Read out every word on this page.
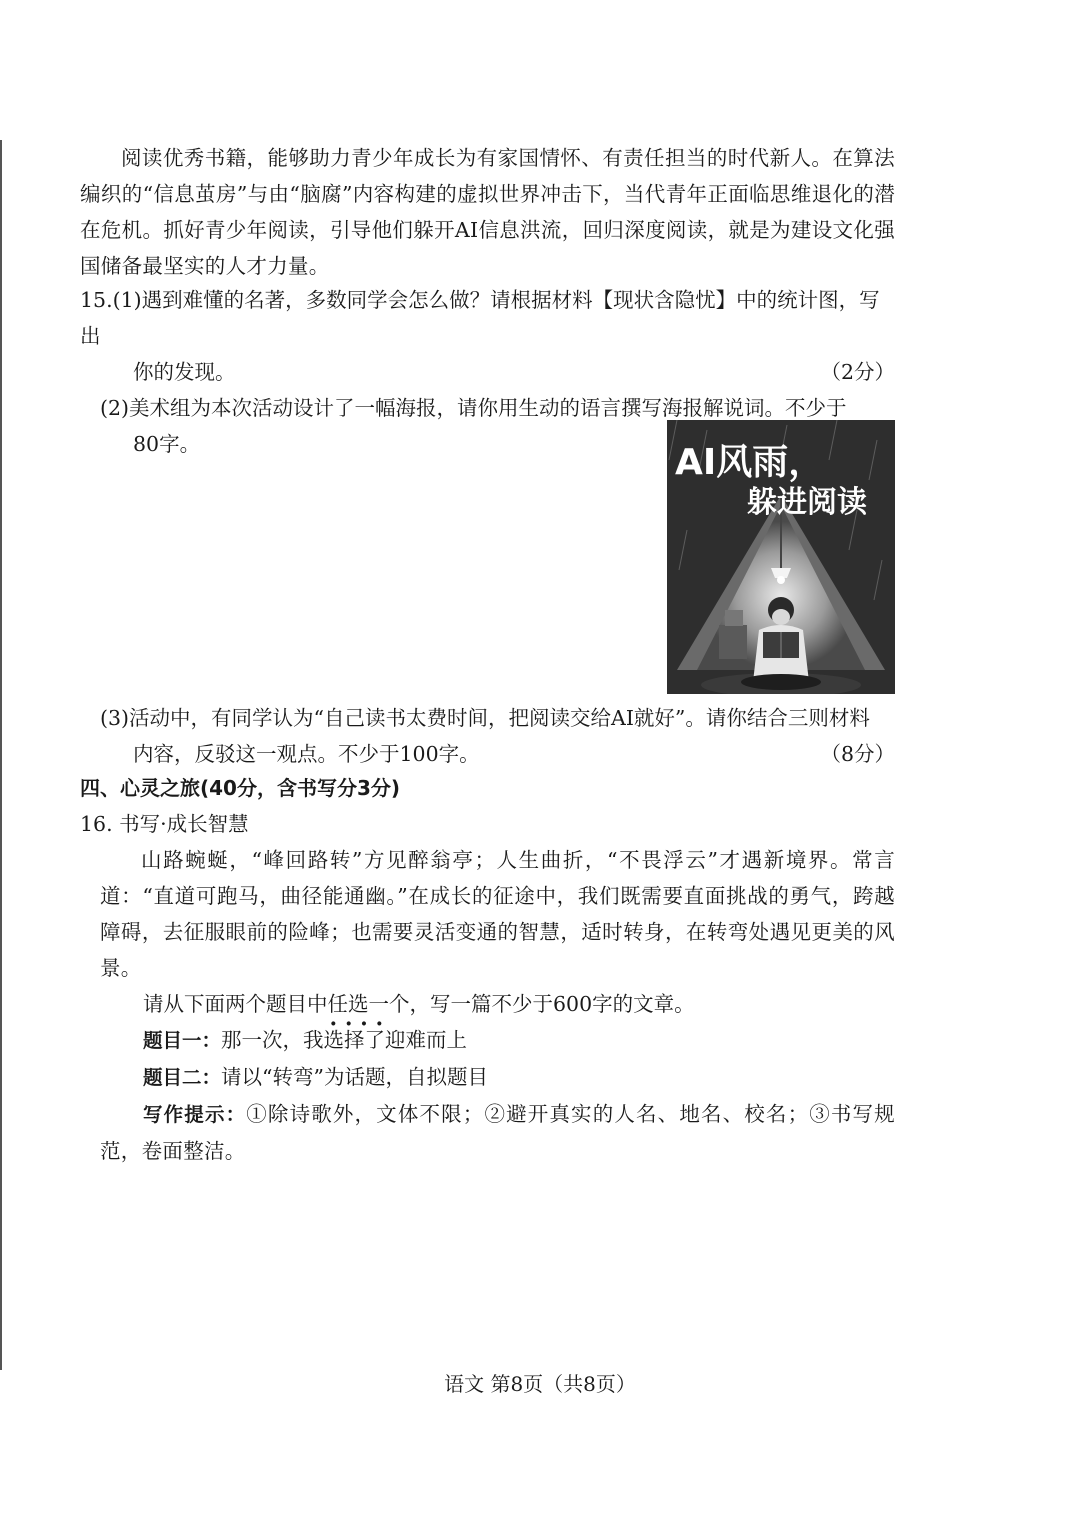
阅读优秀书籍，能够助力青少年成长为有家国情怀、有责任担当的时代新人。在算法编织的“信息茧房”与由“脑腐”内容构建的虚拟世界冲击下，当代青年正面临思维退化的潜在危机。抓好青少年阅读，引导他们躲开AI信息洪流，回归深度阅读，就是为建设文化强国储备最坚实的人才力量。

15.(1)遇到难懂的名著，多数同学会怎么做？请根据材料【现状含隐忧】中的统计图，写出
你的发现。	（2分）
(2)美术组为本次活动设计了一幅海报，请你用生动的语言撰写海报解说词。不少于
80字。	AI风雨，
躲进阅读
(3)活动中，有同学认为“自己读书太费时间，把阅读交给AI就好”。请你结合三则材料
内容，反驳这一观点。不少于100字。	（8分）
四、心灵之旅(40分，含书写分3分)
16. 书写·成长智慧

山路蜿蜒，“峰回路转”方见醉翁亭；人生曲折，“不畏浮云”才遇新境界。常言道：“直道可跑马，曲径能通幽。”在成长的征途中，我们既需要直面挑战的勇气，跨越障碍，去征服眼前的险峰；也需要灵活变通的智慧，适时转身，在转弯处遇见更美的风景。

请从下面两个题目中任选一个 · · · ·，写一篇不少于600字的文章。
题目一：那一次，我选择了迎难而上
题目二：请以“转弯”为话题，自拟题目

写作提示：①除诗歌外，文体不限；②避开真实的人名、地名、校名；③书写规范，卷面整洁。

语文 第8页（共8页）
